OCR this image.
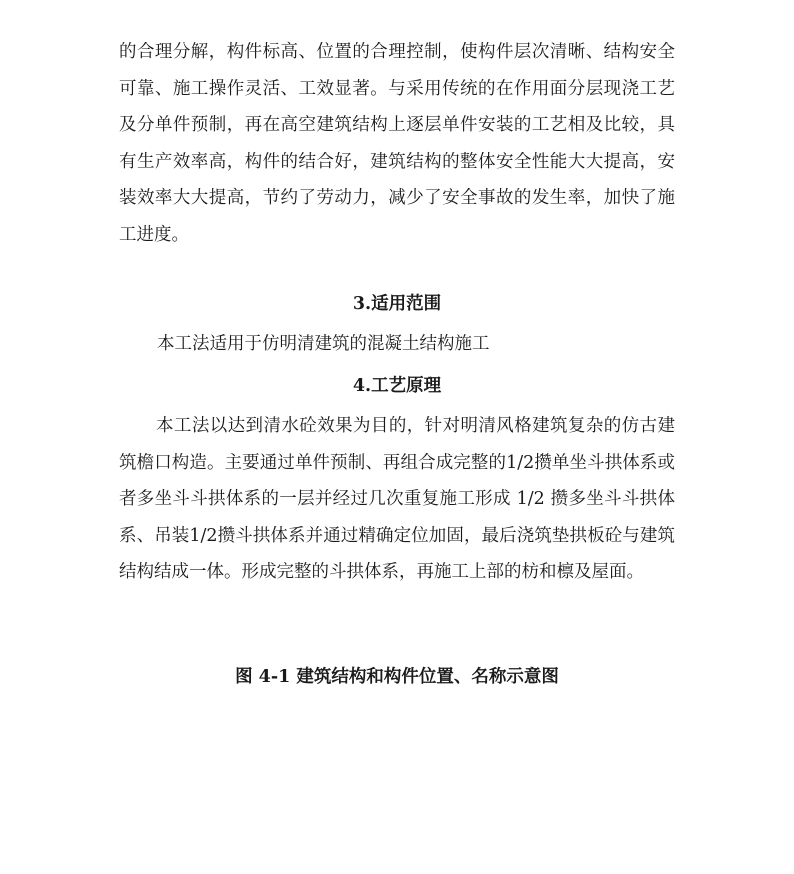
的合理分解，构件标高、位置的合理控制，使构件层次清晰、结构安全可靠、施工操作灵活、工效显著。与采用传统的在作用面分层现浇工艺及分单件预制，再在高空建筑结构上逐层单件安装的工艺相及比较，具有生产效率高，构件的结合好，建筑结构的整体安全性能大大提高，安装效率大大提高，节约了劳动力，减少了安全事故的发生率，加快了施工进度。

3.适用范围

本工法适用于仿明清建筑的混凝土结构施工

4.工艺原理

本工法以达到清水砼效果为目的，针对明清风格建筑复杂的仿古建筑檐口构造。主要通过单件预制、再组合成完整的1/2攒单坐斗拱体系或者多坐斗斗拱体系的一层并经过几次重复施工形成 1/2 攒多坐斗斗拱体系、吊装1/2攒斗拱体系并通过精确定位加固，最后浇筑垫拱板砼与建筑结构结成一体。形成完整的斗拱体系，再施工上部的枋和檩及屋面。

图 4-1 建筑结构和构件位置、名称示意图
